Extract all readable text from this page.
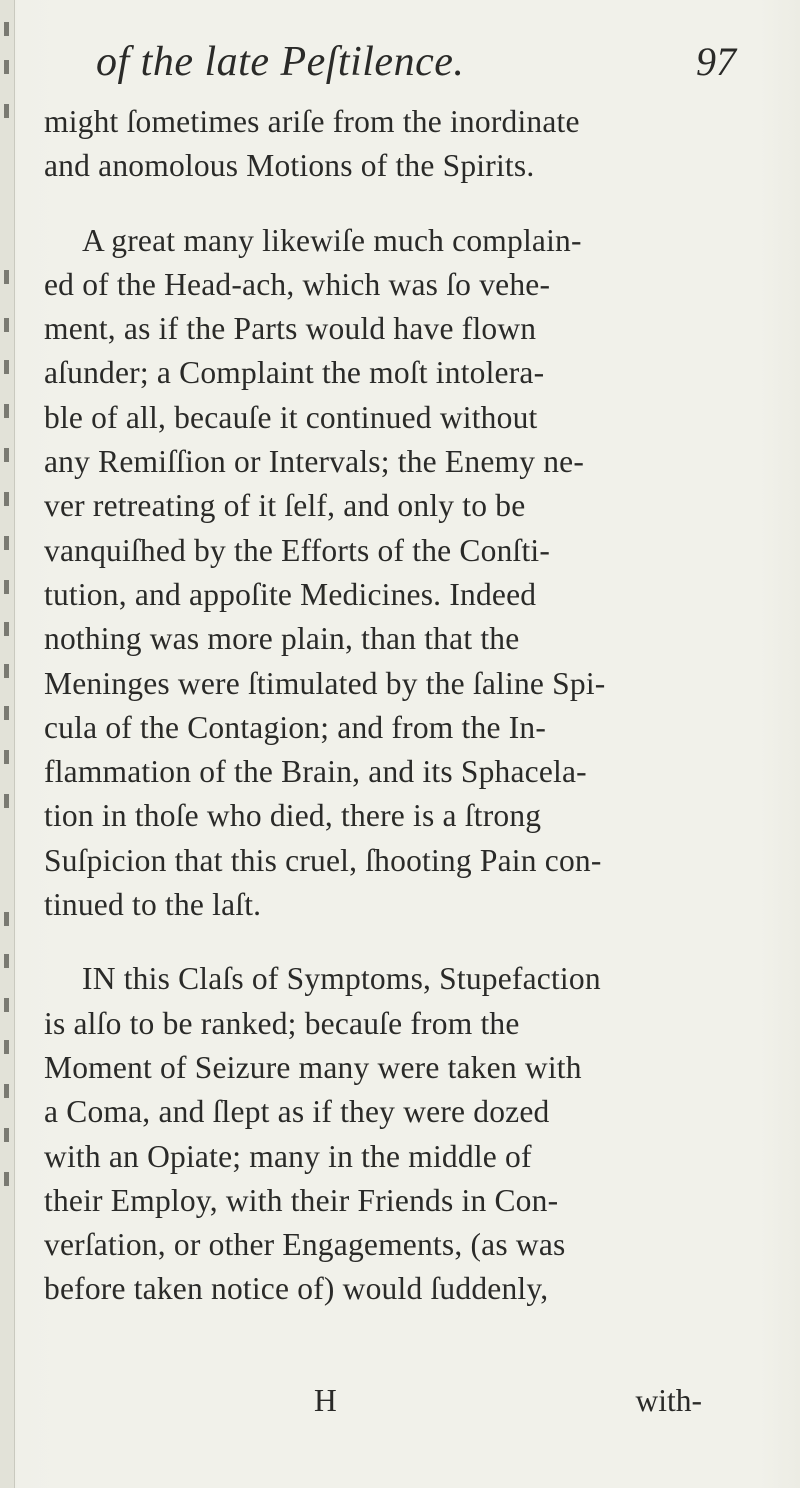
of the late Peſtilence.	97
might ſometimes ariſe from the inordinate
and anomolous Motions of the Spirits.
A great many likewiſe much complain-
ed of the Head-ach, which was ſo vehe-
ment, as if the Parts would have flown
aſunder; a Complaint the moſt intolera-
ble of all, becauſe it continued without
any Remiſſion or Intervals; the Enemy ne-
ver retreating of it ſelf, and only to be
vanquiſhed by the Efforts of the Conſti-
tution, and appoſite Medicines. Indeed
nothing was more plain, than that the
Meninges were ſtimulated by the ſaline Spi-
cula of the Contagion; and from the In-
flammation of the Brain, and its Sphacela-
tion in thoſe who died, there is a ſtrong
Suſpicion that this cruel, ſhooting Pain con-
tinued to the laſt.
IN this Claſs of Symptoms, Stupefaction
is alſo to be ranked; becauſe from the
Moment of Seizure many were taken with
a Coma, and ſlept as if they were dozed
with an Opiate; many in the middle of
their Employ, with their Friends in Con-
verſation, or other Engagements, (as was
before taken notice of) would ſuddenly,
H	with-
